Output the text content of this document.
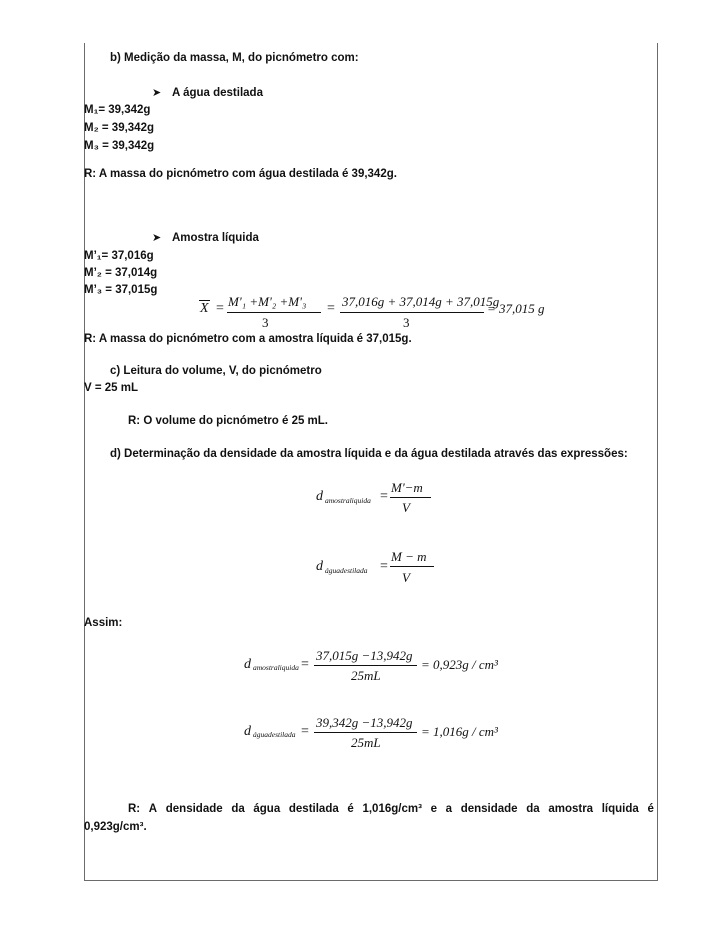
b) Medição da massa, M, do picnómetro com:
➤ A água destilada
M₁= 39,342g
M₂ = 39,342g
M₃ = 39,342g
R: A massa do picnómetro com água destilada é 39,342g.
➤ Amostra líquida
M’₁= 37,016g
M’₂ = 37,014g
M’₃ = 37,015g
X = M'₁ +M'₂ +M'₃
3
= 37,016g + 37,014g + 37,015g
3
= 37,015 g
R: A massa do picnómetro com a amostra líquida é 37,015g.
c) Leitura do volume, V, do picnómetro
V = 25 mL
R: O volume do picnómetro é 25 mL.
d) Determinação da densidade da amostra líquida e da água destilada através das expressões:
d amostraliquida =
M'−m
V
d águadestilada =
M − m
V
Assim:
d amostraliquida =
37,015g −13,942g
25mL
= 0,923g / cm³
d águadestilada =
39,342g −13,942g
25mL
= 1,016g / cm³
R: A densidade da água destilada é 1,016g/cm³ e a densidade da amostra líquida é
0,923g/cm³.
